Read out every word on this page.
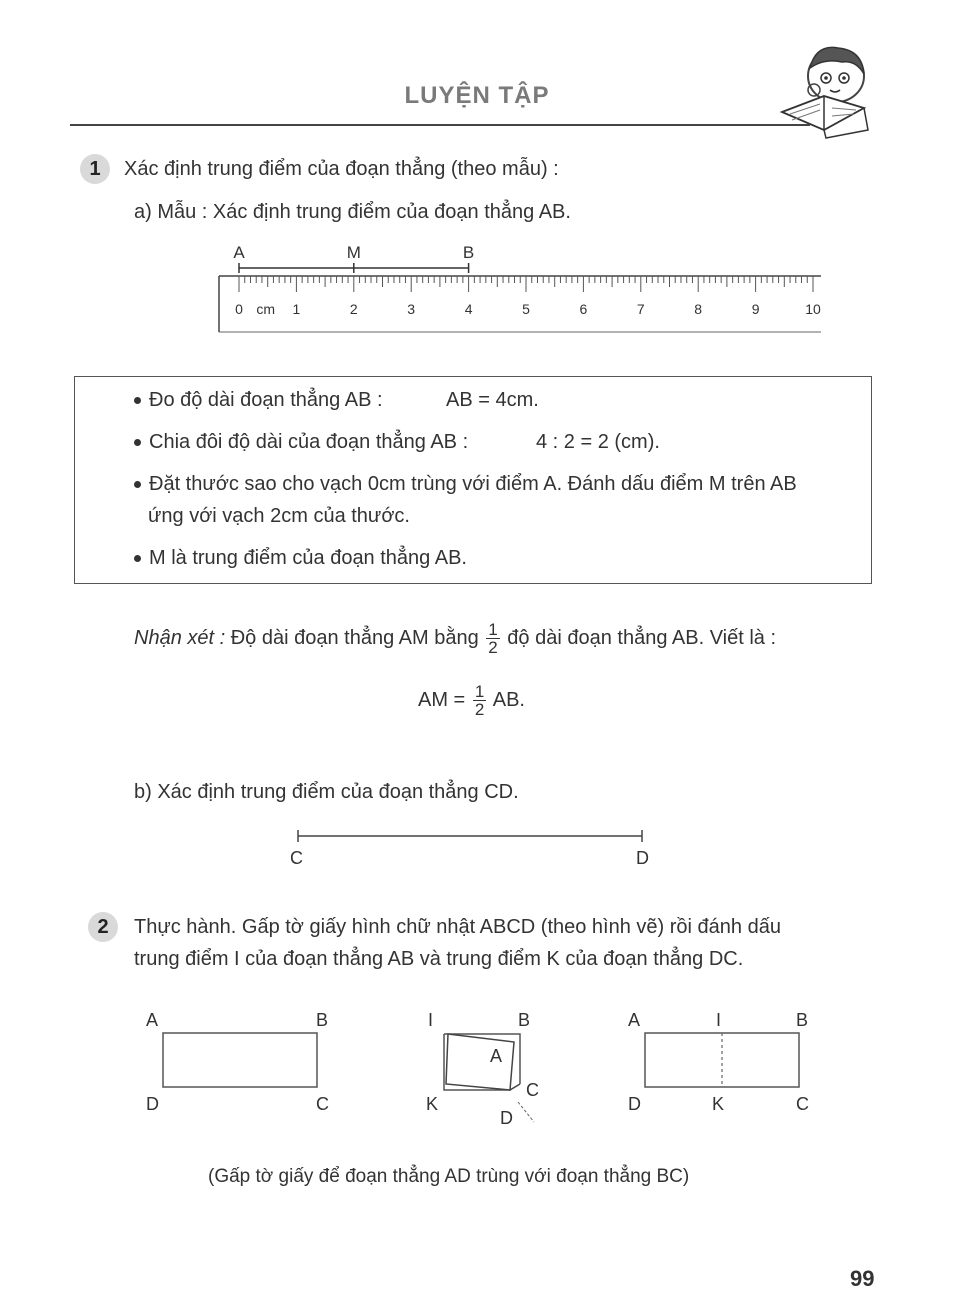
LUYỆN TẬP
1	Xác định trung điểm của đoạn thẳng (theo mẫu) :
a) Mẫu : Xác định trung điểm của đoạn thẳng AB.
0	1	2	3	4	5	6	7	8	9	10
cm
A	M	B
Đo độ dài đoạn thẳng AB :	AB = 4cm.
Chia đôi độ dài của đoạn thẳng AB :	4 : 2 = 2 (cm).
Đặt thước sao cho vạch 0cm trùng với điểm A. Đánh dấu điểm M trên AB
ứng với vạch 2cm của thước.
M là trung điểm của đoạn thẳng AB.
Nhận xét : Độ dài đoạn thẳng AM bằng $\frac{1}{2}$ độ dài đoạn thẳng AB. Viết là :
AM = $\frac{1}{2}$ AB.
b) Xác định trung điểm của đoạn thẳng CD.
C	D
2	Thực hành. Gấp tờ giấy hình chữ nhật ABCD (theo hình vẽ) rồi đánh dấu
trung điểm I của đoạn thẳng AB và trung điểm K của đoạn thẳng DC.
A	B
D	C
I	B
A
C
K
D
A	I	B
D	K	C
(Gấp tờ giấy để đoạn thẳng AD trùng với đoạn thẳng BC)
99
